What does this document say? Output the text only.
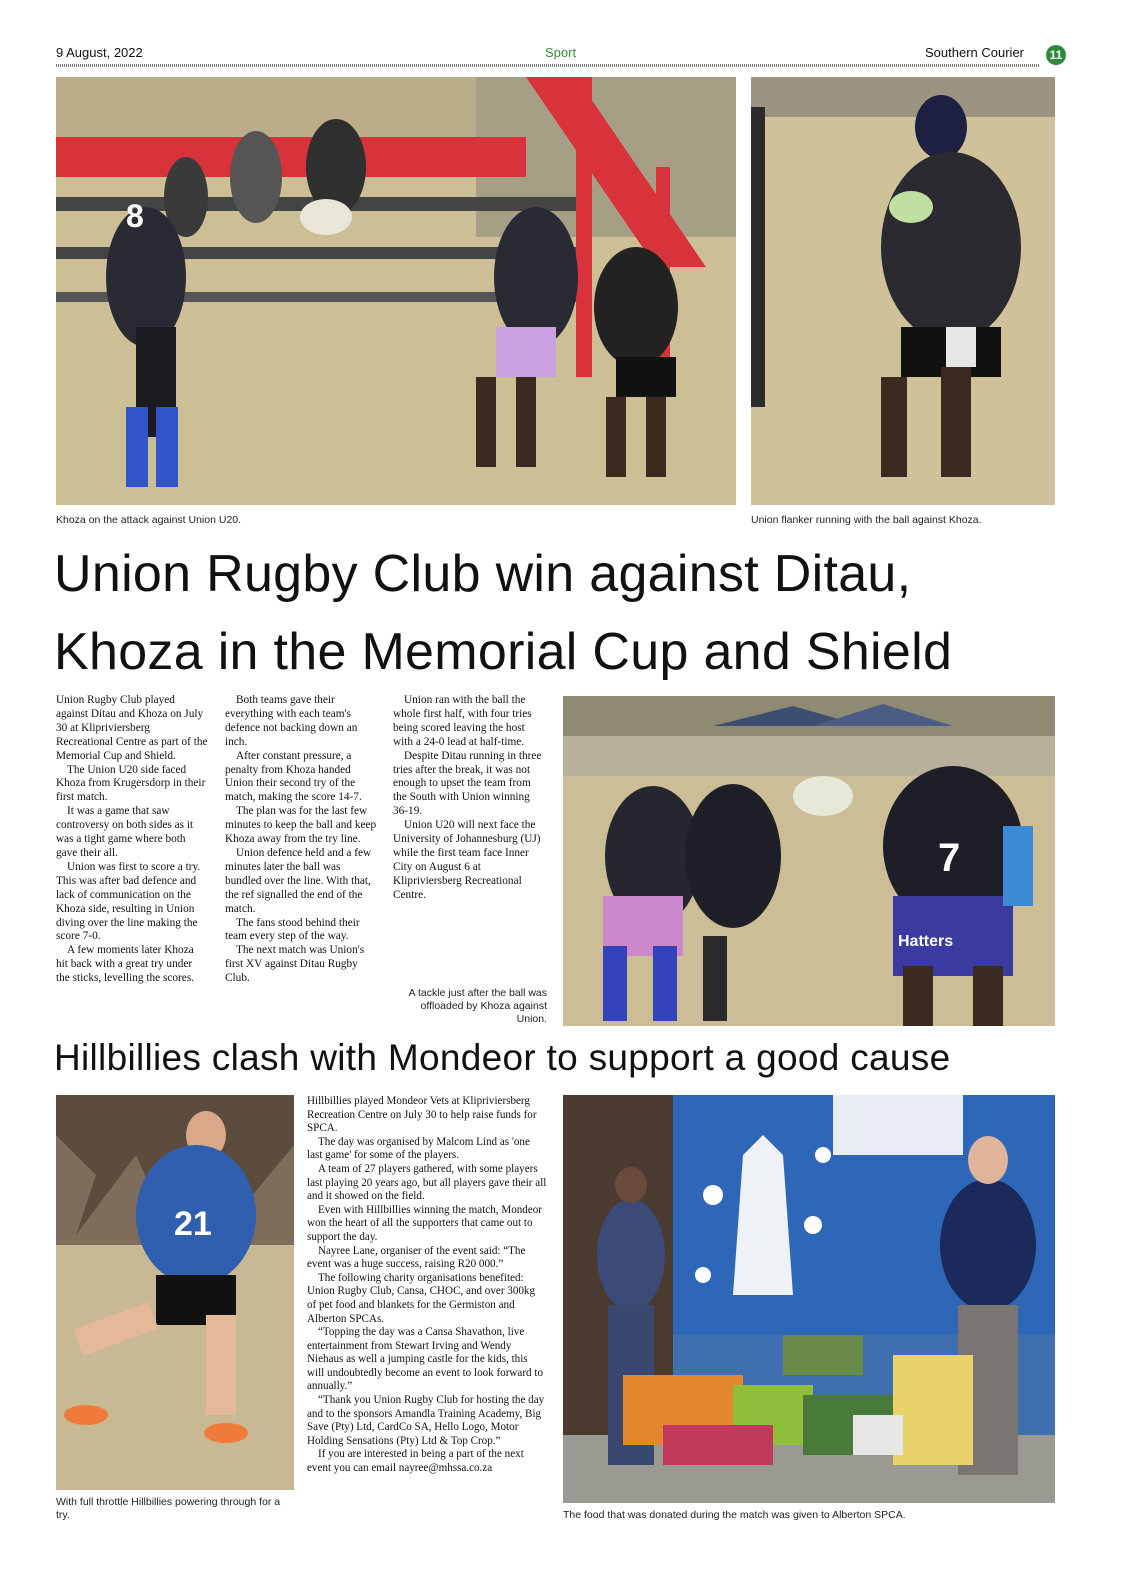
9 August, 2022	Sport	Southern Courier	11
8
Khoza on the attack against Union U20.	Union flanker running with the ball against Khoza.
Union Rugby Club win against Ditau,
Khoza in the Memorial Cup and Shield

Union Rugby Club played against Ditau and Khoza on July 30 at Klipriviersberg Recreational Centre as part of the Memorial Cup and Shield.

The Union U20 side faced Khoza from Krugersdorp in their first match.

It was a game that saw controversy on both sides as it was a tight game where both gave their all.

Union was first to score a try. This was after bad defence and lack of communication on the Khoza side, resulting in Union diving over the line making the score 7-0.

A few moments later Khoza hit back with a great try under the sticks, levelling the scores.

Both teams gave their everything with each team's defence not backing down an inch.

After constant pressure, a penalty from Khoza handed Union their second try of the match, making the score 14-7.

The plan was for the last few minutes to keep the ball and keep Khoza away from the try line.

Union defence held and a few minutes later the ball was bundled over the line. With that, the ref signalled the end of the match.

The fans stood behind their team every step of the way.

The next match was Union's first XV against Ditau Rugby Club.

Union ran with the ball the whole first half, with four tries being scored leaving the host with a 24-0 lead at half-time.

Despite Ditau running in three tries after the break, it was not enough to upset the team from the South with Union winning 36-19.

Union U20 will next face the University of Johannesburg (UJ) while the first team face Inner City on August 6 at Klipriviersberg Recreational Centre.

A tackle just after the ball was offloaded by Khoza against Union.
7
Hatters
Hillbillies clash with Mondeor to support a good cause
21
With full throttle Hillbillies powering through for a try.

Hillbillies played Mondeor Vets at Klipriviersberg Recreation Centre on July 30 to help raise funds for SPCA.

The day was organised by Malcom Lind as 'one last game' for some of the players.

A team of 27 players gathered, with some players last playing 20 years ago, but all players gave their all and it showed on the field.

Even with Hillbillies winning the match, Mondeor won the heart of all the supporters that came out to support the day.

Nayree Lane, organiser of the event said: “The event was a huge success, raising R20 000.”

The following charity organisations benefited: Union Rugby Club, Cansa, CHOC, and over 300kg of pet food and blankets for the Germiston and Alberton SPCAs.

“Topping the day was a Cansa Shavathon, live entertainment from Stewart Irving and Wendy Niehaus as well a jumping castle for the kids, this will undoubtedly become an event to look forward to annually.”

“Thank you Union Rugby Club for hosting the day and to the sponsors Amandla Training Academy, Big Save (Pty) Ltd, CardCo SA, Hello Logo, Motor Holding Sensations (Pty) Ltd & Top Crop.”

If you are interested in being a part of the next event you can email nayree@mhssa.co.za

The food that was donated during the match was given to Alberton SPCA.
